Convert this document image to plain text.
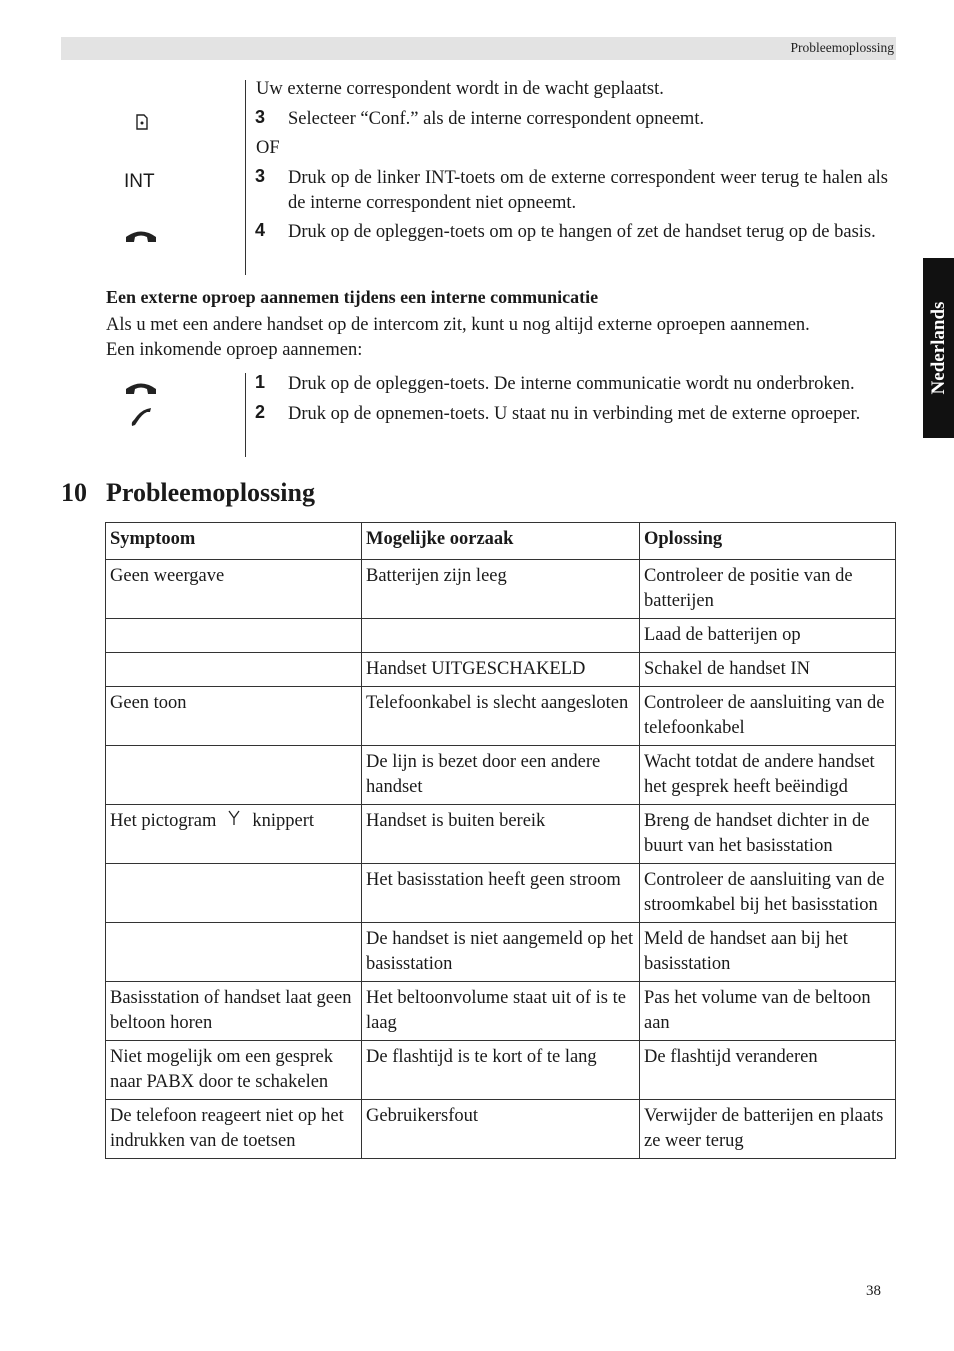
Probleemoplossing
Nederlands
INT
Uw externe correspondent wordt in de wacht geplaatst.
3 Selecteer “Conf.” als de interne correspondent opneemt.
OF
3 Druk op de linker INT-toets om de externe correspondent weer terug te halen als de interne correspondent niet opneemt.
4 Druk op de opleggen-toets om op te hangen of zet de handset terug op de basis.
Een externe oproep aannemen tijdens een interne communicatie
Als u met een andere handset op de intercom zit, kunt u nog altijd externe oproepen aannemen.
Een inkomende oproep aannemen:
1 Druk op de opleggen-toets. De interne communicatie wordt nu onderbroken.
2 Druk op de opnemen-toets. U staat nu in verbinding met de externe oproeper.
10 Probleemoplossing
Symptoom	Mogelijke oorzaak	Oplossing
Geen weergave	Batterijen zijn leeg	Controleer de positie van de batterijen
		Laad de batterijen op
	Handset UITGESCHAKELD	Schakel de handset IN
Geen toon	Telefoonkabel is slecht aangesloten	Controleer de aansluiting van de telefoonkabel
	De lijn is bezet door een andere handset	Wacht totdat de andere handset het gesprek heeft beëindigd
Het pictogram knippert	Handset is buiten bereik	Breng de handset dichter in de buurt van het basisstation
	Het basisstation heeft geen stroom	Controleer de aansluiting van de stroomkabel bij het basisstation
	De handset is niet aangemeld op het basisstation	Meld de handset aan bij het basisstation
Basisstation of handset laat geen beltoon horen	Het beltoonvolume staat uit of is te laag	Pas het volume van de beltoon aan
Niet mogelijk om een gesprek naar PABX door te schakelen	De flashtijd is te kort of te lang	De flashtijd veranderen
De telefoon reageert niet op het indrukken van de toetsen	Gebruikersfout	Verwijder de batterijen en plaats ze weer terug
38
